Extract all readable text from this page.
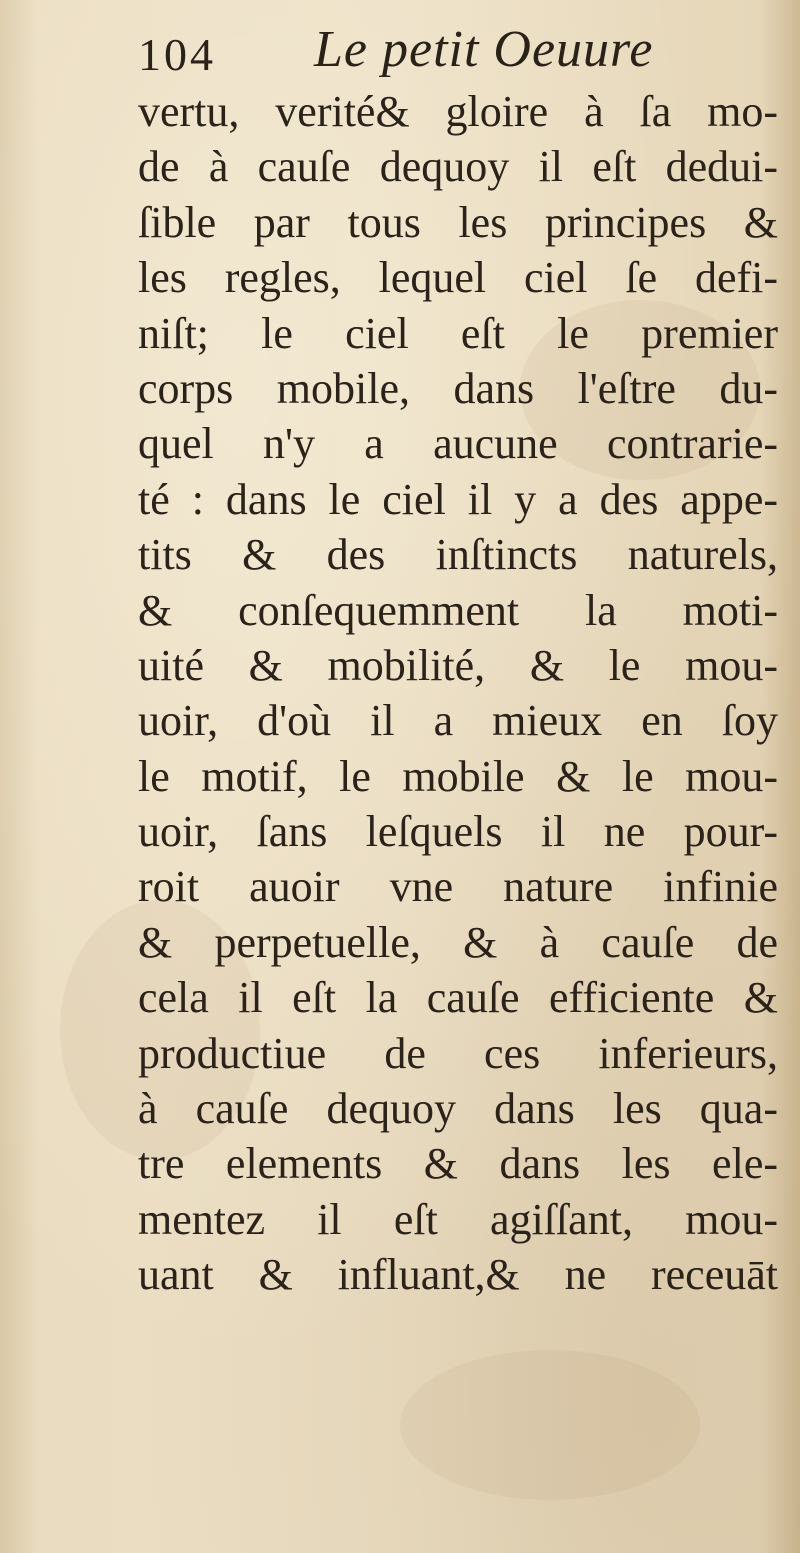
104 Le petit Oeuure
vertu, verité& gloire à ſa mo-
de à cauſe dequoy il eſt dedui-
ſible par tous les principes &
les regles, lequel ciel ſe defi-
niſt; le ciel eſt le premier
corps mobile, dans l'eſtre du-
quel n'y a aucune contrarie-
té : dans le ciel il y a des appe-
tits & des inſtincts naturels,
& conſequemment la moti-
uité & mobilité, & le mou-
uoir, d'où il a mieux en ſoy
le motif, le mobile & le mou-
uoir, ſans leſquels il ne pour-
roit auoir vne nature infinie
& perpetuelle, & à cauſe de
cela il eſt la cauſe efficiente &
productiue de ces inferieurs,
à cauſe dequoy dans les qua-
tre elements & dans les ele-
mentez il eſt agiſſant, mou-
uant & influant,& ne receuāt
